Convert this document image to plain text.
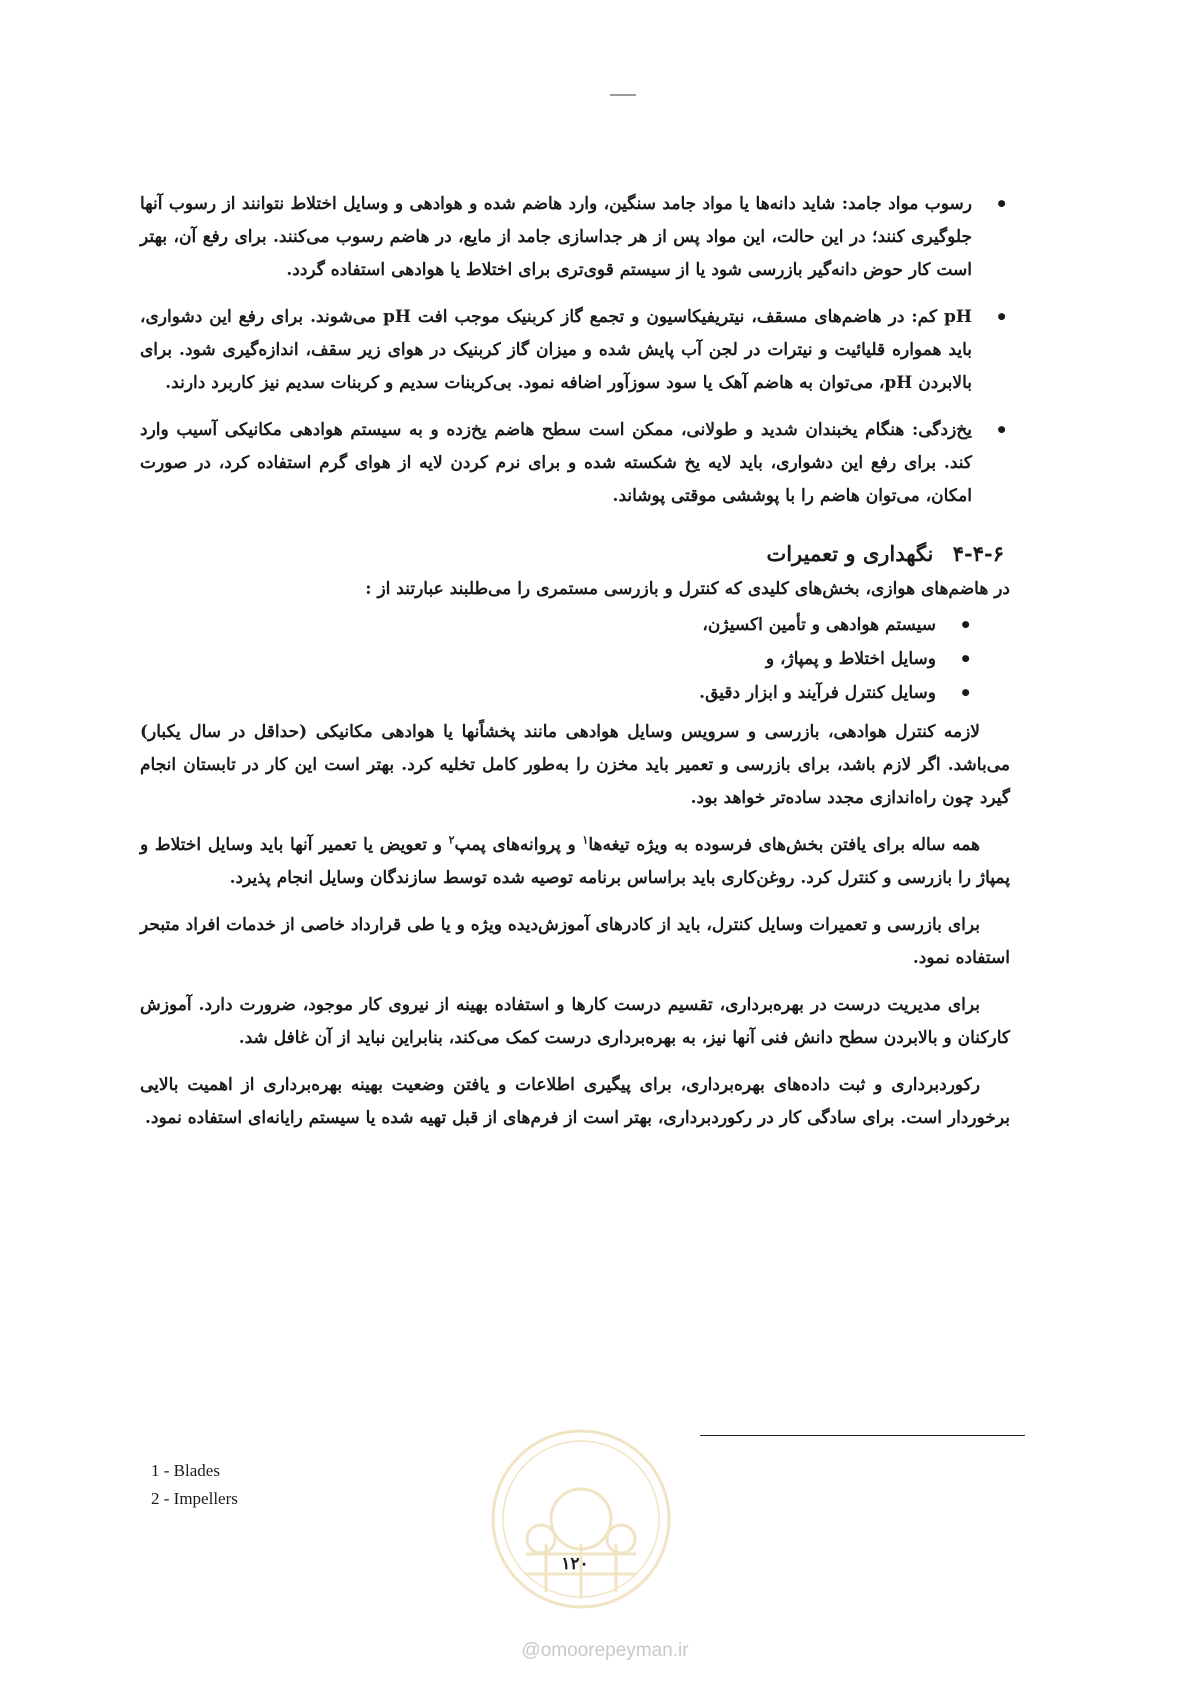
•
رسوب مواد جامد: شاید دانه‌ها یا مواد جامد سنگین، وارد هاضم شده و هوادهی و وسایل اختلاط نتوانند از رسوب آنها جلوگیری کنند؛ در این حالت، این مواد پس از هر جداسازی جامد از مایع، در هاضم رسوب می‌کنند. برای رفع آن، بهتر است کار حوض دانه‌گیر بازرسی شود یا از سیستم قوی‌تری برای اختلاط یا هوادهی استفاده گردد.
•
pH کم: در هاضم‌های مسقف، نیتریفیکاسیون و تجمع گاز کربنیک موجب افت pH می‌شوند. برای رفع این دشواری، باید همواره قلیائیت و نیترات در لجن آب پایش شده و میزان گاز کربنیک در هوای زیر سقف، اندازه‌گیری شود. برای بالابردن pH، می‌توان به هاضم آهک یا سود سوزآور اضافه نمود. بی‌کربنات سدیم و کربنات سدیم نیز کاربرد دارند.
•
یخ‌زدگی: هنگام یخبندان شدید و طولانی، ممکن است سطح هاضم یخ‌زده و به سیستم هوادهی مکانیکی آسیب وارد کند. برای رفع این دشواری، باید لایه یخ شکسته شده و برای نرم کردن لایه از هوای گرم استفاده کرد، در صورت امکان، می‌توان هاضم را با پوششی موقتی پوشاند.
۴-۴-۶ نگهداری و تعمیرات

در هاضم‌های هوازی، بخش‌های کلیدی که کنترل و بازرسی مستمری را می‌طلبند عبارتند از :

•
سیستم هوادهی و تأمین اکسیژن،
•
وسایل اختلاط و پمپاژ، و
•
وسایل کنترل فرآیند و ابزار دقیق.

لازمه کنترل هوادهی، بازرسی و سرویس وسایل هوادهی مانند پخشاًنها یا هوادهی مکانیکی (حداقل در سال یکبار) می‌باشد. اگر لازم باشد، برای بازرسی و تعمیر باید مخزن را به‌طور کامل تخلیه کرد. بهتر است این کار در تابستان انجام گیرد چون راه‌اندازی مجدد ساده‌تر خواهد بود.

همه ساله برای یافتن بخش‌های فرسوده به ویژه تیغه‌ها$^۱$ و پروانه‌های پمپ$^۲$ و تعویض یا تعمیر آنها باید وسایل اختلاط و پمپاژ را بازرسی و کنترل کرد. روغن‌کاری باید براساس برنامه توصیه شده توسط سازندگان وسایل انجام پذیرد.

برای بازرسی و تعمیرات وسایل کنترل، باید از کادرهای آموزش‌دیده ویژه و یا طی قرارداد خاصی از خدمات افراد متبحر استفاده نمود.

برای مدیریت درست در بهره‌برداری، تقسیم درست کارها و استفاده بهینه از نیروی کار موجود، ضرورت دارد. آموزش کارکنان و بالابردن سطح دانش فنی آنها نیز، به بهره‌برداری درست کمک می‌کند، بنابراین نباید از آن غافل شد.

رکوردبرداری و ثبت داده‌های بهره‌برداری، برای پیگیری اطلاعات و یافتن وضعیت بهینه بهره‌برداری از اهمیت بالایی برخوردار است. برای سادگی کار در رکوردبرداری، بهتر است از فرم‌های از قبل تهیه شده یا سیستم رایانه‌ای استفاده نمود.

1 - Blades
2 - Impellers
۱۲۰
@omoorepeyman.ir
